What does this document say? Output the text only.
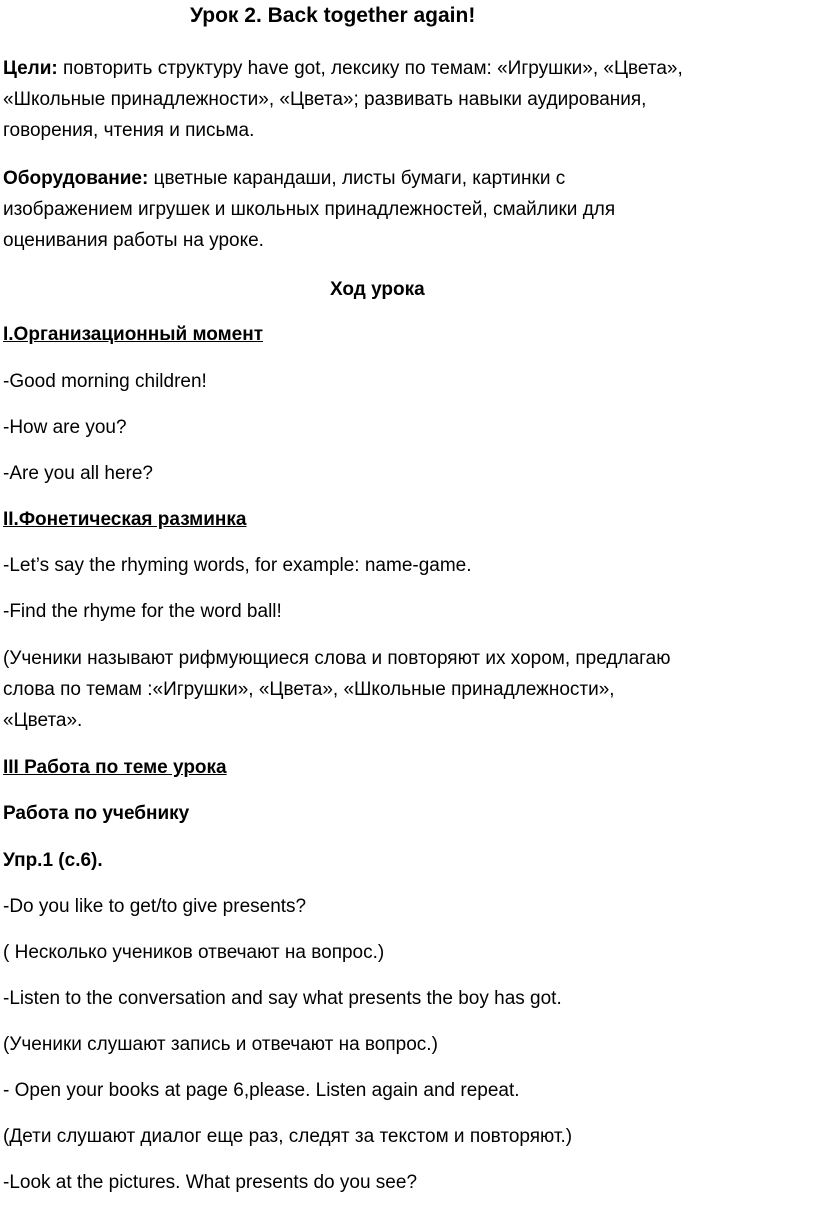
Урок 2. Back together again!

Цели: повторить структуру have got, лексику по темам: «Игрушки», «Цвета»,

«Школьные принадлежности», «Цвета»; развивать навыки аудирования,

говорения, чтения и письма.

Оборудование: цветные карандаши, листы бумаги, картинки с

изображением игрушек и школьных принадлежностей, смайлики для

оценивания работы на уроке.

Ход урока

I.Организационный момент

-Good morning children!

-How are you?

-Are you all here?

II.Фонетическая разминка

-Let’s say the rhyming words, for example: name-game.

-Find the rhyme for the word ball!

(Ученики называют рифмующиеся слова и повторяют их хором, предлагаю

слова по темам :«Игрушки», «Цвета», «Школьные принадлежности»,

«Цвета».

III Работа по теме урока

Работа по учебнику

Упр.1 (с.6).

-Do you like to get/to give presents?

( Несколько учеников отвечают на вопрос.)

-Listen to the conversation and say what presents the boy has got.

(Ученики слушают запись и отвечают на вопрос.)

- Open your books at page 6,please. Listen again and repeat.

(Дети слушают диалог еще раз, следят за текстом и повторяют.)

-Look at the pictures. What presents do you see?
